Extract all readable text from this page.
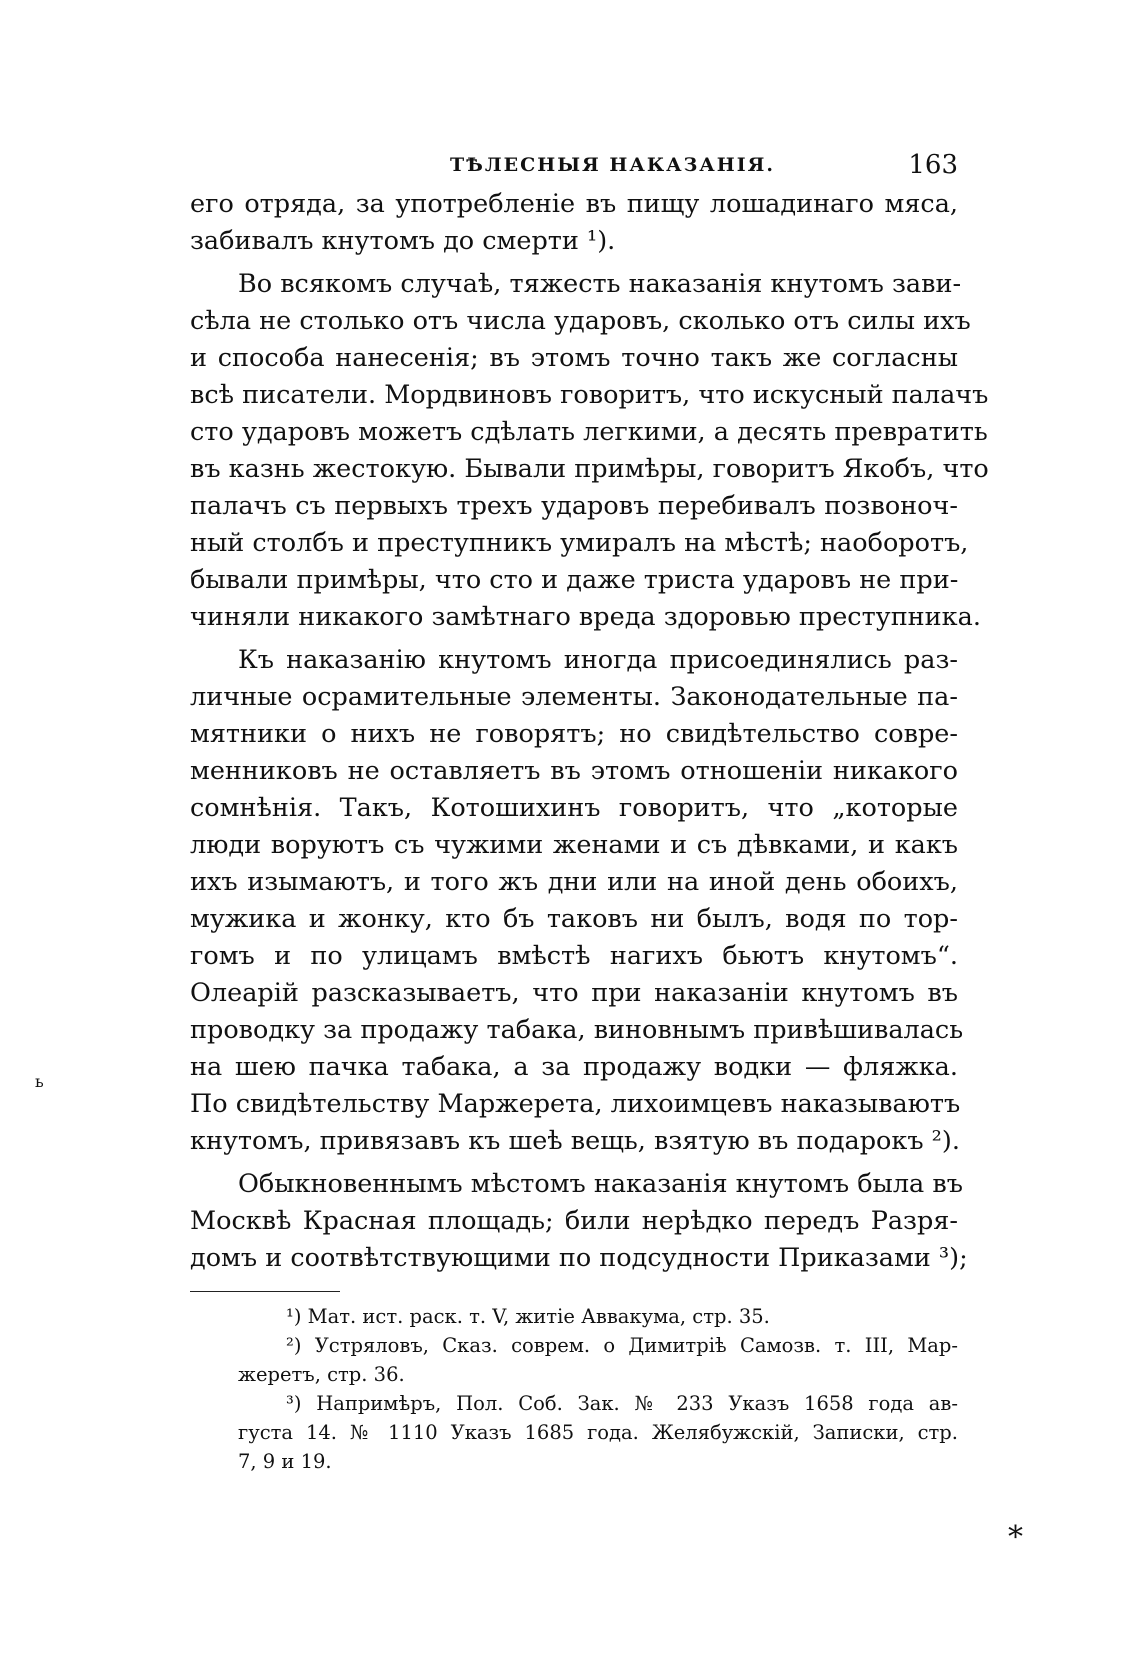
ТѢЛЕСНЫЯ НАКАЗАНІЯ.	163
его отряда, за употребленіе въ пищу лошадинаго мяса,
забивалъ кнутомъ до смерти ¹).
Во всякомъ случаѣ, тяжесть наказанія кнутомъ зави-
сѣла не столько отъ числа ударовъ, сколько отъ силы ихъ
и способа нанесенія; въ этомъ точно такъ же согласны
всѣ писатели. Мордвиновъ говоритъ, что искусный палачъ
сто ударовъ можетъ сдѣлать легкими, а десять превратить
въ казнь жестокую. Бывали примѣры, говоритъ Якобъ, что
палачъ съ первыхъ трехъ ударовъ перебивалъ позвоноч-
ный столбъ и преступникъ умиралъ на мѣстѣ; наоборотъ,
бывали примѣры, что сто и даже триста ударовъ не при-
чиняли никакого замѣтнаго вреда здоровью преступника.
Къ наказанію кнутомъ иногда присоединялись раз-
личные осрамительные элементы. Законодательные па-
мятники о нихъ не говорятъ; но свидѣтельство совре-
менниковъ не оставляетъ въ этомъ отношеніи никакого
сомнѣнія. Такъ, Котошихинъ говоритъ, что „которые
люди воруютъ съ чужими женами и съ дѣвками, и какъ
ихъ изымаютъ, и того жъ дни или на иной день обоихъ,
мужика и жонку, кто бъ таковъ ни былъ, водя по тор-
гомъ и по улицамъ вмѣстѣ нагихъ бьютъ кнутомъ“.
Олеарій разсказываетъ, что при наказаніи кнутомъ въ
проводку за продажу табака, виновнымъ привѣшивалась
на шею пачка табака, а за продажу водки — фляжка.
По свидѣтельству Маржерета, лихоимцевъ наказываютъ
кнутомъ, привязавъ къ шеѣ вещь, взятую въ подарокъ ²).
Обыкновеннымъ мѣстомъ наказанія кнутомъ была въ
Москвѣ Красная площадь; били нерѣдко передъ Разря-
домъ и соотвѣтствующими по подсудности Приказами ³);
¹) Мат. ист. раск. т. V, житіе Аввакума, стр. 35.
²) Устряловъ, Сказ. соврем. о Димитріѣ Самозв. т. III, Мар-
жеретъ, стр. 36.
³) Напримѣръ, Пол. Соб. Зак. № 233 Указъ 1658 года ав-
густа 14. № 1110 Указъ 1685 года. Желябужскій, Записки, стр.
7, 9 и 19.
*
ь
